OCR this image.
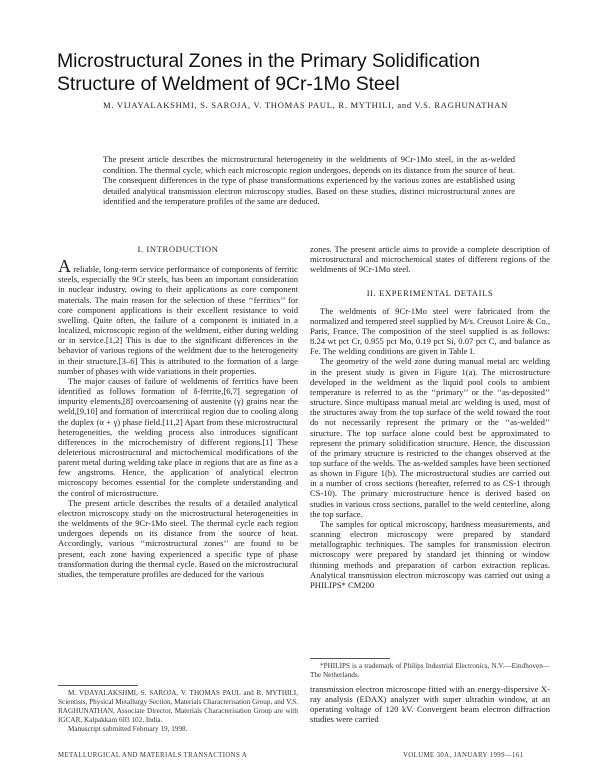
Microstructural Zones in the Primary Solidification Structure of Weldment of 9Cr-1Mo Steel
M. VIJAYALAKSHMI, S. SAROJA, V. THOMAS PAUL, R. MYTHILI, and V.S. RAGHUNATHAN
The present article describes the microstructural heterogeneity in the weldments of 9Cr-1Mo steel, in the as-welded condition. The thermal cycle, which each microscopic region undergoes, depends on its distance from the source of heat. The consequent differences in the type of phase transformations experienced by the various zones are established using detailed analytical transmission electron microscopy studies. Based on these studies, distinct microstructural zones are identified and the temperature profiles of the same are deduced.
I. INTRODUCTION

A reliable, long-term service performance of components of ferritic steels, especially the 9Cr steels, has been an important consideration in nuclear industry, owing to their applications as core component materials. The main reason for the selection of these ‘‘ferritics’’ for core component applications is their excellent resistance to void swelling. Quite often, the failure of a component is initiated in a localized, microscopic region of the weldment, either during welding or in service.[1,2] This is due to the significant differences in the behavior of various regions of the weldment due to the heterogeneity in their structure.[3–6] This is attributed to the formation of a large number of phases with wide variations in their properties.

The major causes of failure of weldments of ferritics have been identified as follows formation of δ-ferrite,[6,7] segregation of impurity elements,[8] overcoarsening of austenite (γ) grains near the weld,[9,10] and formation of intercritical region due to cooling along the duplex (α + γ) phase field.[11,2] Apart from these microstructural heterogeneities, the welding process also introduces significant differences in the microchemistry of different regions.[1] These deleterious microstructural and microchemical modifications of the parent metal during welding take place in regions that are as fine as a few angstroms. Hence, the application of analytical electron microscopy becomes essential for the complete understanding and the control of microstructure.

The present article describes the results of a detailed analytical electron microscopy study on the microstructural heterogeneities in the weldments of the 9Cr-1Mo steel. The thermal cycle each region undergoes depends on its distance from the source of heat. Accordingly, various ‘‘microstructural zones’’ are found to be present, each zone having experienced a specific type of phase transformation during the thermal cycle. Based on the microstructural studies, the temperature profiles are deduced for the various

zones. The present article aims to provide a complete description of microstructural and microchemical states of different regions of the weldments of 9Cr-1Mo steel.

II. EXPERIMENTAL DETAILS

The weldments of 9Cr-1Mo steel were fabricated from the normalized and tempered steel supplied by M/s. Creusot Loire & Co., Paris, France. The composition of the steel supplied is as follows: 8.24 wt pct Cr, 0.955 pct Mo, 0.19 pct Si, 0.07 pct C, and balance as Fe. The welding conditions are given in Table I.

The geometry of the weld zone during manual metal arc welding in the present study is given in Figure 1(a). The microstructure developed in the weldment as the liquid pool cools to ambient temperature is referred to as the ‘‘primary’’ or the ‘‘as-deposited’’ structure. Since multipass manual metal arc welding is used, most of the structures away from the top surface of the weld toward the root do not necessarily represent the primary or the ‘‘as-welded’’ structure. The top surface alone could best be approximated to represent the primary solidification structure. Hence, the discussion of the primary structure is restricted to the changes observed at the top surface of the welds. The as-welded samples have been sectioned as shown in Figure 1(b). The microstructural studies are carried out in a number of cross sections (hereafter, referred to as CS-1 through CS-10). The primary microstructure hence is derived based on studies in various cross sections, parallel to the weld centerline, along the top surface.

The samples for optical microscopy, hardness measurements, and scanning electron microscopy were prepared by standard metallographic techniques. The samples for transmission electron microscopy were prepared by standard jet thinning or window thinning methods and preparation of carbon extraction replicas. Analytical transmission electron microscopy was carried out using a PHILIPS* CM200

M. VIJAYALAKSHMI, S. SAROJA, V. THOMAS PAUL and R. MYTHILI, Scientists, Physical Metallurgy Section, Materials Characterisation Group, and V.S. RAGHUNATHAN, Associate Director, Materials Characterisation Group are with IGCAR, Kalpakkam 603 102, India.

Manuscript submitted February 19, 1998.

*PHILIPS is a trademark of Philips Industrial Electronics, N.V.—Eindhoven—The Netherlands.

transmission electron microscope fitted with an energy-dispersive X-ray analysis (EDAX) analyzer with super ultrathin window, at an operating voltage of 120 kV. Convergent beam electron diffraction studies were carried
METALLURGICAL AND MATERIALS TRANSACTIONS A	VOLUME 30A, JANUARY 1999—161
